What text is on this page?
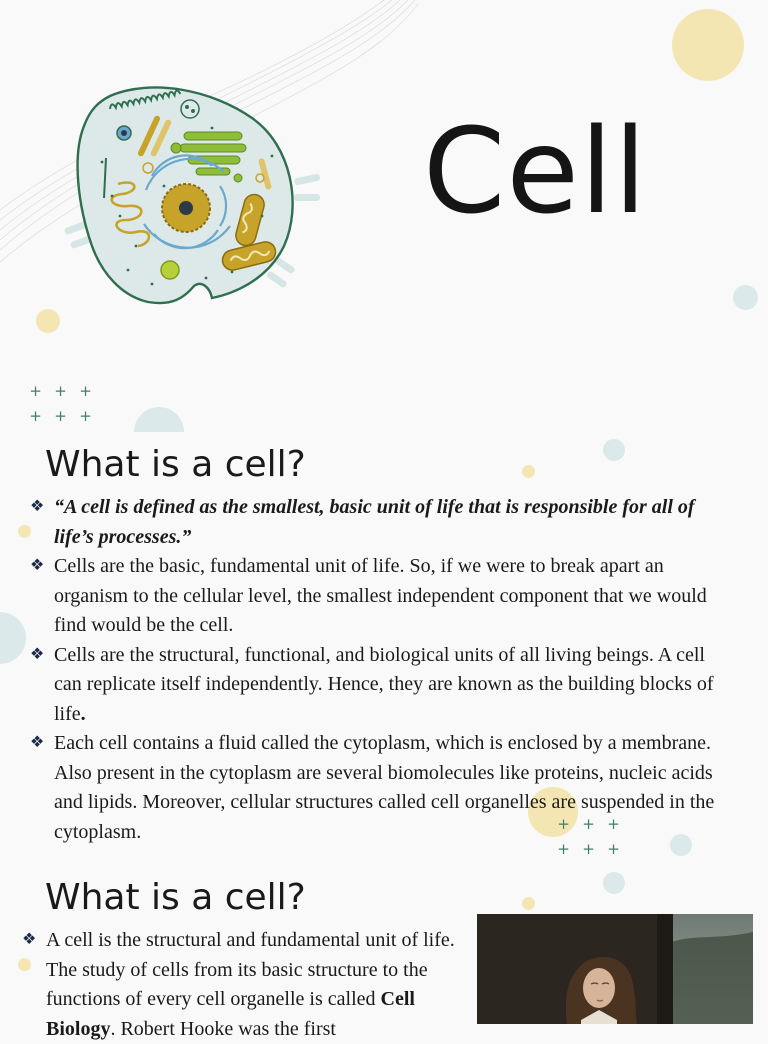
+ + +
+ + +
+ + +
+ + +
Cell
What is a cell?
❖ “A cell is defined as the smallest, basic unit of life that is responsible for all of life’s processes.”
❖ Cells are the basic, fundamental unit of life. So, if we were to break apart an organism to the cellular level, the smallest independent component that we would find would be the cell.
❖ Cells are the structural, functional, and biological units of all living beings. A cell can replicate itself independently. Hence, they are known as the building blocks of life.
❖ Each cell contains a fluid called the cytoplasm, which is enclosed by a membrane. Also present in the cytoplasm are several biomolecules like proteins, nucleic acids and lipids. Moreover, cellular structures called cell organelles are suspended in the cytoplasm.
What is a cell?
❖ A cell is the structural and fundamental unit of life. The study of cells from its basic structure to the functions of every cell organelle is called Cell Biology. Robert Hooke was the first
